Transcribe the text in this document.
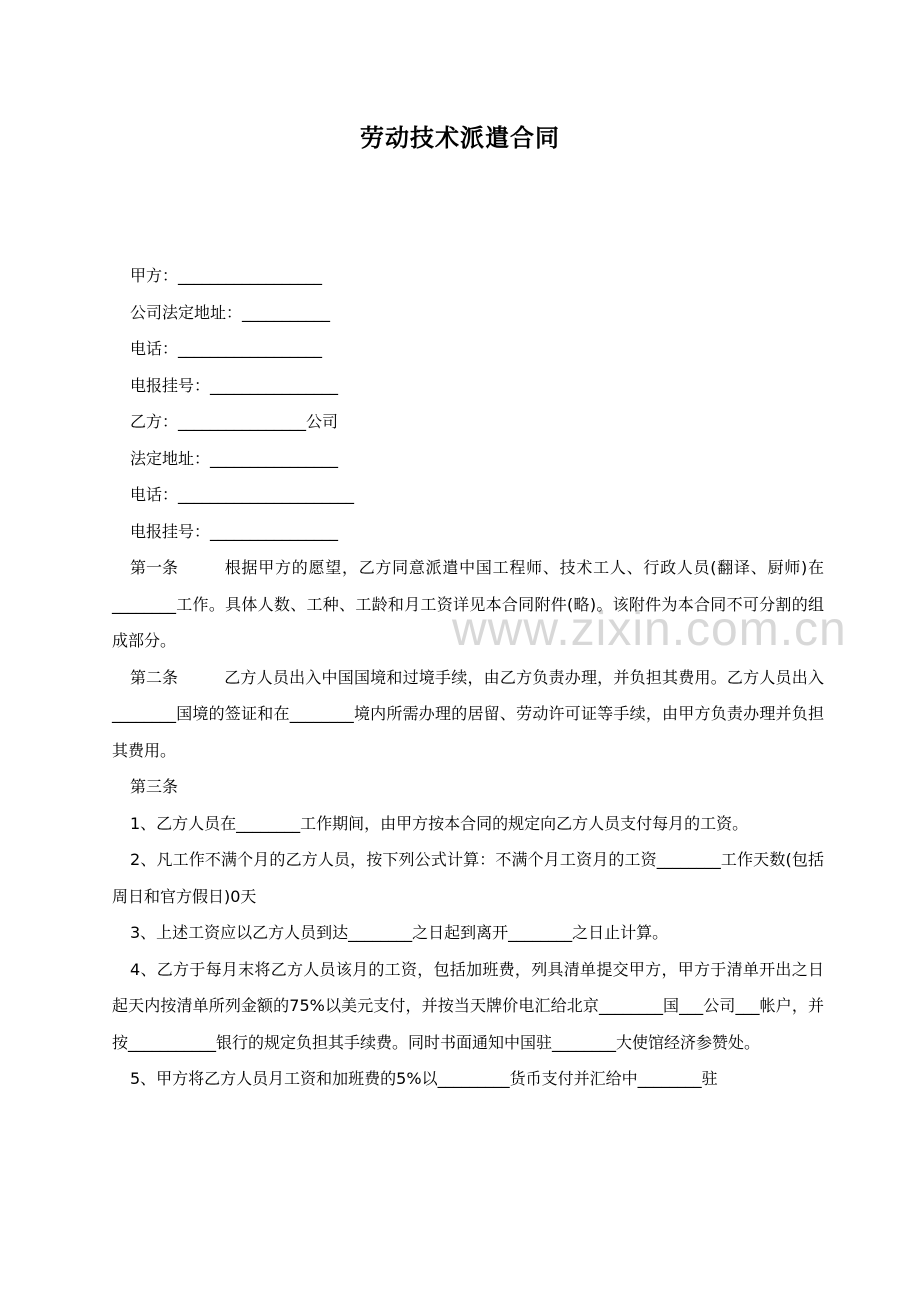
www.zixin.com.cn
劳动技术派遣合同
甲方：__________________
公司法定地址：___________
电话：__________________
电报挂号：________________
乙方：________________公司
法定地址：________________
电话：______________________
电报挂号：________________
第一条	根据甲方的愿望，乙方同意派遣中国工程师、技术工人、行政人员(翻译、厨师)在________工作。具体人数、工种、工龄和月工资详见本合同附件(略)。该附件为本合同不可分割的组成部分。
第二条	乙方人员出入中国国境和过境手续，由乙方负责办理，并负担其费用。乙方人员出入________国境的签证和在________境内所需办理的居留、劳动许可证等手续，由甲方负责办理并负担其费用。
第三条
1、乙方人员在________工作期间，由甲方按本合同的规定向乙方人员支付每月的工资。
2、凡工作不满个月的乙方人员，按下列公式计算：不满个月工资月的工资________工作天数(包括周日和官方假日)0天
3、上述工资应以乙方人员到达________之日起到离开________之日止计算。
4、乙方于每月末将乙方人员该月的工资，包括加班费，列具清单提交甲方，甲方于清单开出之日起天内按清单所列金额的75%以美元支付，并按当天牌价电汇给北京________国___公司___帐户，并按___________银行的规定负担其手续费。同时书面通知中国驻________大使馆经济参赞处。
5、甲方将乙方人员月工资和加班费的5%以_________货币支付并汇给中________驻
